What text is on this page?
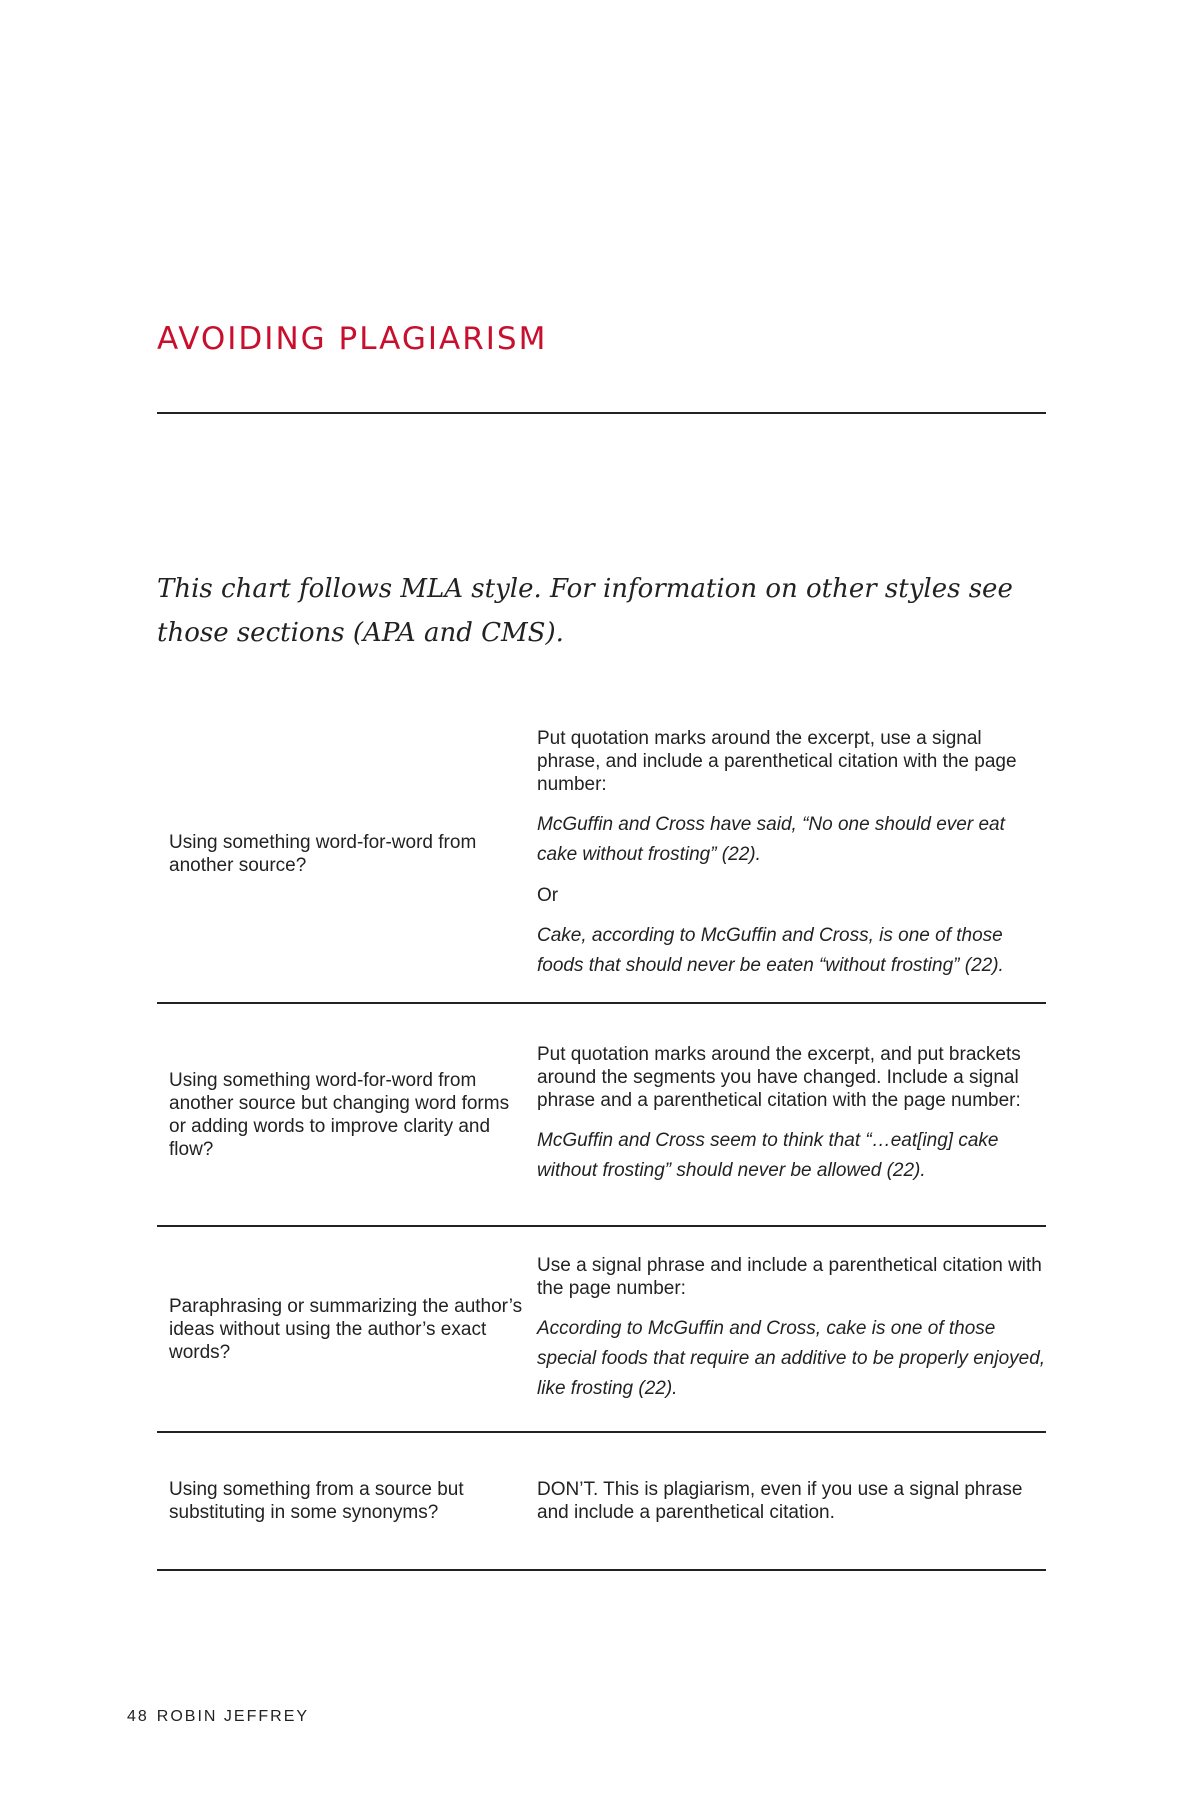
AVOIDING PLAGIARISM

This chart follows MLA style. For information on other styles see those sections (APA and CMS).

Using something word-for-word from another source?	Put quotation marks around the excerpt, use a signal phrase, and include a parenthetical citation with the page number:

McGuffin and Cross have said, “No one should ever eat cake without frosting” (22).

Or

Cake, according to McGuffin and Cross, is one of those foods that should never be eaten “without frosting” (22).

Using something word-for-word from another source but changing word forms or adding words to improve clarity and flow?	Put quotation marks around the excerpt, and put brackets around the segments you have changed. Include a signal phrase and a parenthetical citation with the page number:

McGuffin and Cross seem to think that “…eat[ing] cake without frosting” should never be allowed (22).

Paraphrasing or summarizing the author’s ideas without using the author’s exact words?	Use a signal phrase and include a parenthetical citation with the page number:

According to McGuffin and Cross, cake is one of those special foods that require an additive to be properly enjoyed, like frosting (22).

Using something from a source but substituting in some synonyms?	DON’T. This is plagiarism, even if you use a signal phrase and include a parenthetical citation.

48 ROBIN JEFFREY
